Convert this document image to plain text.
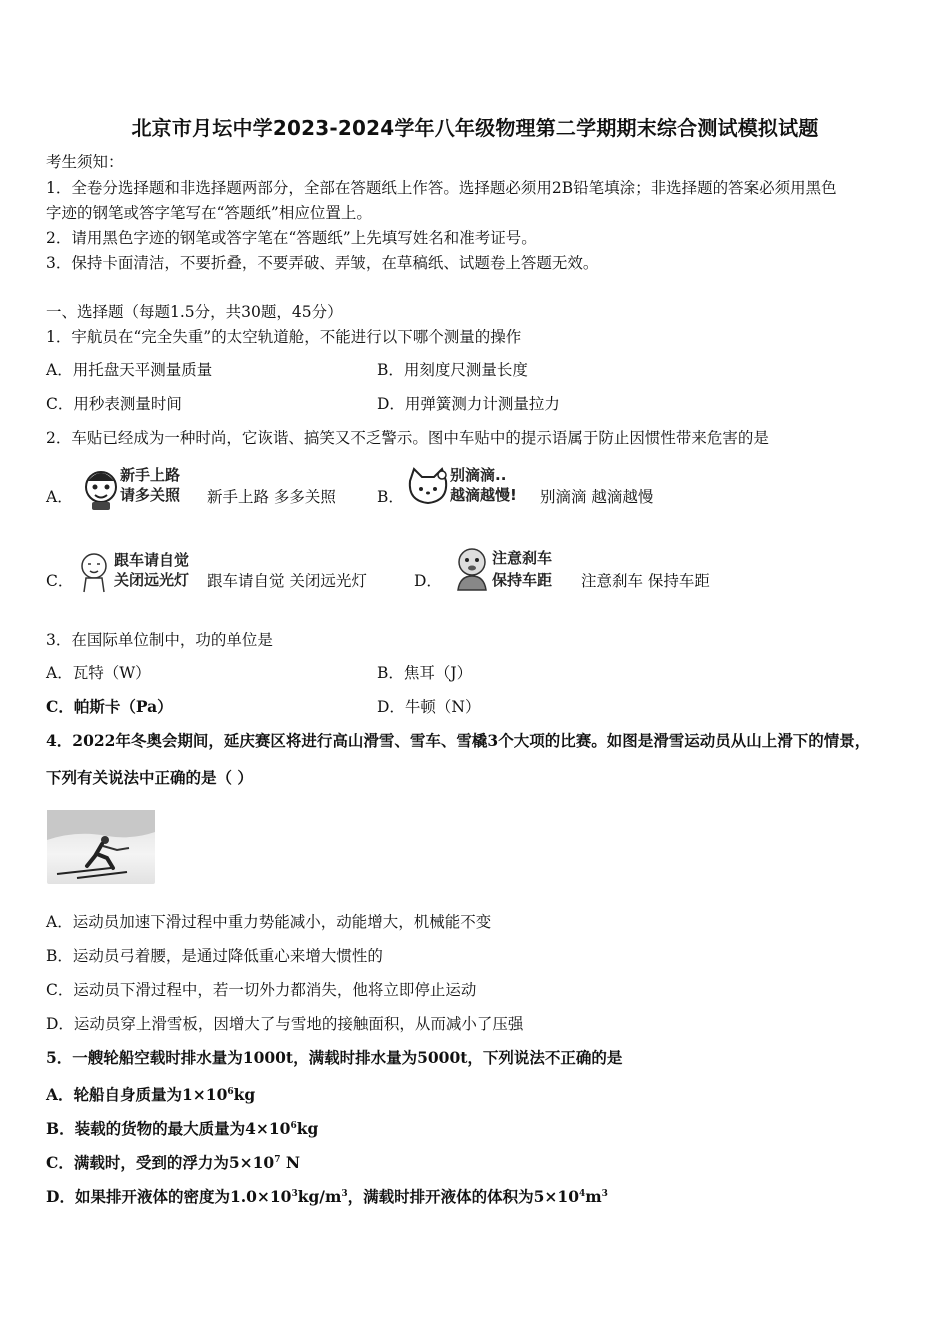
北京市月坛中学2023-2024学年八年级物理第二学期期末综合测试模拟试题
考生须知：
1．全卷分选择题和非选择题两部分，全部在答题纸上作答。选择题必须用2B铅笔填涂；非选择题的答案必须用黑色
字迹的钢笔或答字笔写在“答题纸”相应位置上。
2．请用黑色字迹的钢笔或答字笔在“答题纸”上先填写姓名和准考证号。
3．保持卡面清洁，不要折叠，不要弄破、弄皱，在草稿纸、试题卷上答题无效。
一、选择题（每题1.5分，共30题，45分）
1．宇航员在“完全失重”的太空轨道舱，不能进行以下哪个测量的操作
A．用托盘天平测量质量	B．用刻度尺测量长度
C．用秒表测量时间	D．用弹簧测力计测量拉力
2．车贴已经成为一种时尚，它诙谐、搞笑又不乏警示。图中车贴中的提示语属于防止因惯性带来危害的是
A．
新手上路
请多关照 新手上路 多多关照	B．
别滴滴..
越滴越慢! 别滴滴 越滴越慢
C．
跟车请自觉
关闭远光灯 跟车请自觉 关闭远光灯	D．
注意刹车
保持车距 注意刹车 保持车距
3．在国际单位制中，功的单位是
A．瓦特（W）	B．焦耳（J）
C．帕斯卡（Pa）	D．牛顿（N）
4．2022年冬奥会期间，延庆赛区将进行高山滑雪、雪车、雪橇3个大项的比赛。如图是滑雪运动员从山上滑下的情景，
下列有关说法中正确的是（ ）
A．运动员加速下滑过程中重力势能减小，动能增大，机械能不变
B．运动员弓着腰，是通过降低重心来增大惯性的
C．运动员下滑过程中，若一切外力都消失，他将立即停止运动
D．运动员穿上滑雪板，因增大了与雪地的接触面积，从而减小了压强
5．一艘轮船空载时排水量为1000t，满载时排水量为5000t，下列说法不正确的是
A．轮船自身质量为$1\times 10^6kg$
B．装载的货物的最大质量为$4\times 10^6kg$
C．满载时，受到的浮力为$5\times 10^7$ N
D．如果排开液体的密度为$1.0\times 10^3kg/m^3$，满载时排开液体的体积为$5\times 10^4m^3$
